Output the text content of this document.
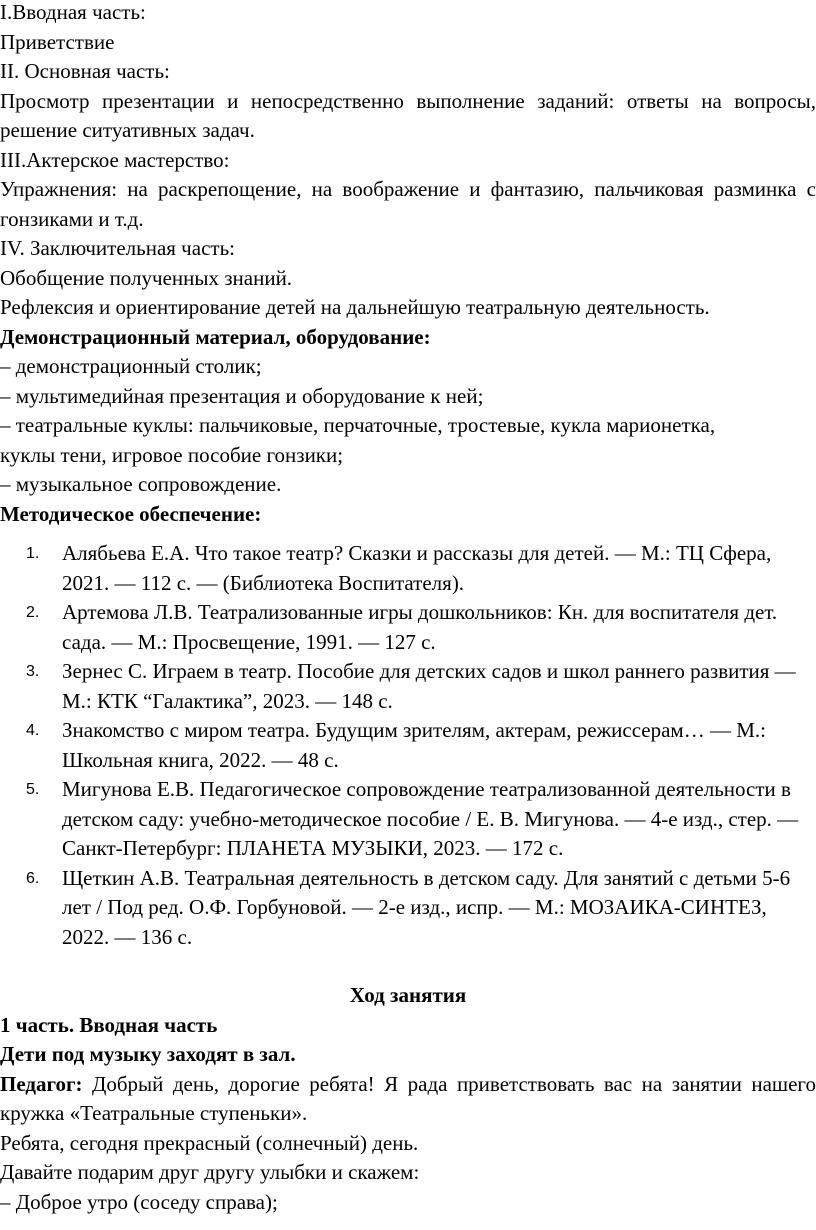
I.Вводная часть:

Приветствие

II. Основная часть:

Просмотр презентации и непосредственно выполнение заданий: ответы на вопросы, решение ситуативных задач.

III.Актерское мастерство:

Упражнения: на раскрепощение, на воображение и фантазию, пальчиковая разминка с гонзиками и т.д.

IV. Заключительная часть:

Обобщение полученных знаний.

Рефлексия и ориентирование детей на дальнейшую театральную деятельность.

Демонстрационный материал, оборудование:

– демонстрационный столик;

– мультимедийная презентация и оборудование к ней;

– театральные куклы: пальчиковые, перчаточные, тростевые, кукла марионетка,

куклы тени, игровое пособие гонзики;

– музыкальное сопровождение.

Методическое обеспечение:

1. Алябьева Е.А. Что такое театр? Сказки и рассказы для детей. — М.: ТЦ Сфера, 2021. — 112 с. — (Библиотека Воспитателя).
2. Артемова Л.В. Театрализованные игры дошкольников: Кн. для воспитателя дет. сада. — М.: Просвещение, 1991. — 127 с.
3. Зернес С. Играем в театр. Пособие для детских садов и школ раннего развития — М.: КТК “Галактика”, 2023. — 148 с.
4. Знакомство с миром театра. Будущим зрителям, актерам, режиссерам… — М.: Школьная книга, 2022. — 48 с.
5. Мигунова Е.В. Педагогическое сопровождение театрализованной деятельности в детском саду: учебно-методическое пособие / Е. В. Мигунова. — 4-е изд., стер. — Санкт-Петербург: ПЛАНЕТА МУЗЫКИ, 2023. — 172 с.
6. Щеткин А.В. Театральная деятельность в детском саду. Для занятий с детьми 5-6 лет / Под ред. О.Ф. Горбуновой. — 2-е изд., испр. — М.: МОЗАИКА-СИНТЕЗ, 2022. — 136 с.

Ход занятия

1 часть. Вводная часть

Дети под музыку заходят в зал.

Педагог: Добрый день, дорогие ребята! Я рада приветствовать вас на занятии нашего кружка «Театральные ступеньки».

Ребята, сегодня прекрасный (солнечный) день.

Давайте подарим друг другу улыбки и скажем:

– Доброе утро (соседу справа);
